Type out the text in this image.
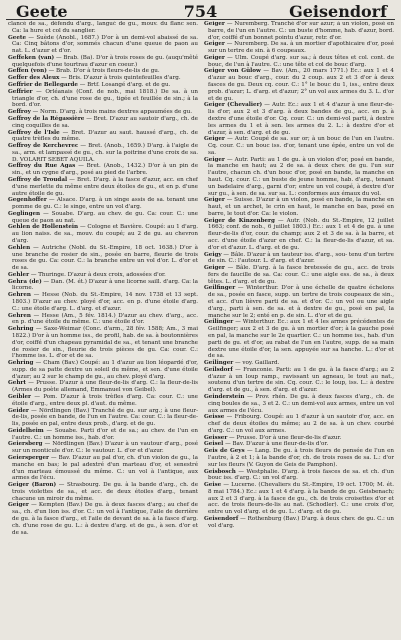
Geete	754	Geisendorf

clancé de sa., défendu d'arg., languć de gu., mouv. du flanc sen. Ca: la hure et col du sanglier.

Geete — Suède (Anobl., 1687.) D'or à un demi-vol abaissé de sa. Ca: Cinq bâtons d'or, sommés chacun d'une queue de paon au nat. L. d'azur et d'or.

Geffeken (van) — Brab. (Ba). D'or à trois roses de gu. (auqu'mêté quelquefois d'une tourtrau d'azur en coeur.)

Geffen (von) — Brab. D'or à trois fleurs-de-lis de gu.

Geffer des Aleux — Bris. D'azur à trois quintefeuilles d'arg.

Geffrier de Bellegarde — Brtf. Losangé d'arg. et de gu.

Geffrier — Orléanais (Conf. de nob., mai 1818.) De sa. à un triangle d'or, ch. d'une rose de gu., tigée et feuillée de sin.; à la bord. d'or.

Geffroy — Norm. D'arg. à trois mains dextres appaumées de gu.

Geffroy de la Régassière — Bret. D'azur au sautoir d'arg., ch. de cinq coquilles de sa.

Geffroy de l'Isle — Bret. D'azur au saut. haussé d'arg., ch. de quatre trèfles du même.

Geffroy de Kerchevrec — Bret. (Anob., 1659.) D'arg. à l'aigle de sa., arm. et lampassé de gu., ch. sur la poitrine d'une croix de sa. D. VOLARIT SEBET AQUILA.

Geffroy du Rue Agas — Bret. (Anob., 1432.) D'or à un pin de sin., et un cygne d'arg., posé au pied de l'arbre.

Geffroy de Troudal — Bret. D'arg. à la fasce d'azur, acc. en chef d'une merlette du même entre deux étoiles de gu., et en p. d'une autre étoile de gu.

Gegenhoffer — Alsace. D'arg. à un singe assis de sa. tenant une pomme de gu. C.: le singe, entre un vol d'arg.

Geglingen — Souabe. D'arg. au chev. de gu. Ca: cour. C.: une queue de paon au nat.

Gehlen de Hollenstein — Cologne et Bavière. Coupé: au 1 d'arg. au lion naiss. de sa., mouv. du coupé; au 2 de gu. au chevron d'arg.

Gehlen — Autriche (Nobl. du St.-Empire, 18 oct. 1638.) D'or à une branche de rosier de sin., posée en barre, fleurie de trois roses de gu. Ca: cour. C.: la branche entre un vol d'or. L. d'or et de sa.

Gehler — Thuringe. D'azur à deux croix, adossées d'or.

Gehra (de) — Dan. (M. ét.) D'azur à une licorne saill. d'arg. Ca: la licorne.

Gehren — Hesse (Nob. du St.-Empire, 14 nov. 1738 et 13 sept. 1803.) D'azur au chev. ployé d'or, acc. en p. d'une étoile d'arg. C.: une étoile d'arg. L. d'arg. et d'azur.

Gehren — Hesse (Am., 5 fév. 1814.) D'azur au chev. d'arg., acc. en p. d'une étoile du même. C.: une étoile d'or.

Gehring — Saxe-Weimar (Conc. d'arm., 28 fév. 1588; Am., 3 mai 1822.) D'or à un homme iss., de profil, hab. de sa. à boutonnières d'or, coiffé d'un chapeau pyramidal de sa., et tenant une branche de rosier de sin., fleurie de trois pièces de gu. Ca: cour. C.: l'homme iss. L. d'or et de sa.

Gehring — Cham (Bav.) Coupé: au 1 d'azur au lion léopardé d'or, supp. de sa patte dextre un soleil du même, et sen. d'une étoile d'azur; au 2 sur le champ de gu., au chev. ployé d'arg.

Gehrt — Prusse. D'azur à une fleur-de-lis d'arg. C.: la fleur-de-lis (Armes du poète allemand, Emmanuel von Geibel).

Geibler — Pom. D'azur à trois trèfles d'arg. Ca: cour. C.: une étoile d'arg., entre deux pl. d'aut. du même.

Geider — Nördlingen (Bav.) Tranché de gu. sur arg.; à une fleur-de-lis, posée en bande, de l'un en l'autre. Ca: cour. C.: la fleur-de-lis, posée en pal, entre deux prob., d'arg. et de gu.

Geidelheim — Souabe. Parti d'or et de sa.; au chev. de l'un en l'autre. C.: un homme iss., hab. d'or.

Geiersberg — Nördlingen (Bav.) D'azur à un vautour d'arg., posé sur un monticule d'or. C.: le vautour. L. d'or et d'azur.

Geiersperger — Bav. D'azur au pal d'or, ch. d'un violon de gu., la manche en bas; le pal adextré d'un marteau d'or, et senestré d'un marteau émoussé du même. C.: un vol à l'antique, aux armes de l'écu.

Geiger (Baron) — Strasbourg. De gu. à la bande d'arg., ch. de trois violettes de sa., et acc. de deux étoiles d'arg., tenant chacune un miroir du même.

Geiger — Kempten (Bav.) De gu. à deux fasces d'arg.; au chef de sa., ch. d'un lion iss. d'or. C.: un vol à l'antique, l'aile de derrière de gu. à la fasce d'arg., et l'aile de devant de sa. à la fasce d'arg. ch. d'une rose de gu. L.: à dextre d'arg. et de gu., à sen. d'or et de sa.

Geiger — Nuremberg. Tranché d'or sur azur; à un violon, posé en barre, de l'un en l'autre. C.: un buste d'homme, hab. d'azur, bord. d'or, coiffé d'un bonnet pointu d'azur, retr. d'or.

Geiger — Nuremberg. De sa. à un mortier d'apothicaire d'or, posé sur un tertre de sin. à 6 coupeaux.

Geiger — Ulm. Coupé d'arg. sur sa.; à deux têtes et col. cont. de bouc, de l'un à l'autre. C.: une tête et col de bouc d'arg.

Geiger von Gülow — Bav. (Am., 20 mars 1771.) Ec.: aux 1 et 4 d'azur au bouc d'arg., cour. du 2 coup. aux 2 et 3 d'or à deux fasces de gu. Deux cq. cour. C.: 1° le bouc du 1, iss., entre deux prob. d'azur; L. d'arg. et d'azur; 2° un vol aux armes du 3. L. d'or et de gu.

Geiger (Chevalier) — Autr. Ec.: aux 1 et 4 d'azur à une fleur-de-lis d'or; aux 2 et 3 d'arg. à deux bandes de gu., acc. en p. à dextre d'une étoile d'or. Cq. cour. C.: un demi-vol parti, à dextre les armes du 1 et à sen. les armes du 2. L.: à dextre d'or et d'azur, à sen. d'arg. et de gu.

Geiger — Autr. Coupé de sa. sur or; à un bouc de l'un en l'autre. Cq. cour. C.: un bouc iss. d'or, tenant une épée, entre un vol de sa.

Geiger — Autr. Parti: au 1 de gu. à un violon d'or, posé en bande, la manche en haut; au 2 de sa. à deux chev. de gu. l'un sur l'autre, chacun ch. d'un bouc d'or, posé en bande, la manche en haut. Cq. cour. C.: un buste de jeune homme, hab. d'arg., tenant un badelaire d'arg., garni d'or; entre un vol coupé, à dextre d'or sur gu., à sen. de sa. sur sa. L.: conformes aux émaux du vol.

Geiger — Suisse. D'azur à un violon, posé en bande, la manche en haut, et un archet, le crin en haut, le manche en bas, posé en barre, le tout d'or. Ca: le violon.

Geiger de Kinzenberg — Autr. (Nob. du St.-Empire, 12 juillet 1663; conf. de nob., 6 juillet 1803.) Ec.: aux 1 et 4 de gu. à une fleur-de-lis d'or, cour. du champ; aux 2 et 3 de sa. à la barre, et acc. d'une étoile d'azur en chef. C.: la fleur-de-lis d'azur, et sa. d'or et d'azur. L. d'arg. et de gu.

Geigy — Bâle. D'azur à un tauteur iss. d'arg., sou- tenu d'un tertre de sin. C.: l'autour. L. d'arg. et d'azur.

Geiger — Bâle. D'arg. à la fasce bretessée de gu., acc. de trois fers de faucille de sa. Ca: cour. C.: une aigle ess. de sa., à deux têtes. L. d'arg. et de gu.

Geilfinger — Winterthur. D'or à une échelle de quatre échelons de sa., posée en fasce, supp. un tertre de trois coupeaux de sin., et acc. d'un lièvre parti de sa. et d'or. C.: un vol ou une aigle d'arg., parti à sen. de sa. et à dextre de gu., posé en pal, la manche sur le 2; enté en p. de sin. L. d'or et de gu.

Geilinger — Winterthur. Ec.: aux 1 et 4 les armes précédentes de Geilfinger; aux 2 et 3 de gu. à un mortier d'or; à la gauche posé en pal, la manche sur le 2e quartier. C.: un homme iss., hab. d'un parti de gu. et d'or, au rabat de l'un en l'autre, supp. de sa main dextre une étoile d'or, la sen. appuyée sur sa hanche. L.: d'or et de sa.

Geilinger — voy. Gaillard.

Geilsdorf — Franconie. Parti: au 1 de gu. à la fasce d'arg.; au 2 d'azur à un loup ramp., ravissant un agneau, le tout au nat., soutenu d'un tertre de sin. Cq. cour. C.: le loup, iss. L.: à dextre d'arg. et de gu., à sen. d'arg. et d'azur.

Geinderstein — Prov. rhén. De gu. à deux fasces d'arg., ch. de cinq boules de sa., 3 et 2. C.: un demi-vol aux armes, entre un vol aux armes de l'écu.

Geisse — Fribourg. Coupé: au 1 d'azur à un sautoir d'or, acc. en chef de deux étoiles du même; au 2 de sa. à un chev. courbé d'arg. C.: un vol aux armes.

Geisser — Prusse. D'or à une fleur-de-lis d'azur.

Geisel — Bav. D'azur à une fleur-de-lis d'or.

Geis de Geys — Lang. De gu. à trois fleurs de pensée de l'un en l'autre, à 2 et 1; à la bande d'or, ch. de trois roses de sa. L.: d'or sur les fleurs (V. Guyon de Geis de Pamphon).

Geisbosch — Westphalie. D'arg. à trois fasces de sa. et ch. d'un bouc iss. d'arg. C.: un vol d'arg.

Geise — Lucerne. (Chevaliers du St.-Empire, 19 oct. 1700; M. ét. 8 mai 1784.) Ec.: aux 1 et 4 d'arg. à la bande de gu. Geisbenach; aux 2 et 3 d'arg. à la fasce de gu., ch. de trois croisettes d'or et acc. de trois fleurs-de-lis au nat. (Schodler). C.: une croix d'or, entre un vol d'arg. et de gu. L.: d'arg. et de gu.

Geisendorf — Rothenburg (Bav.) D'arg. à deux chev. de gu. C.: un vol d'arg.
